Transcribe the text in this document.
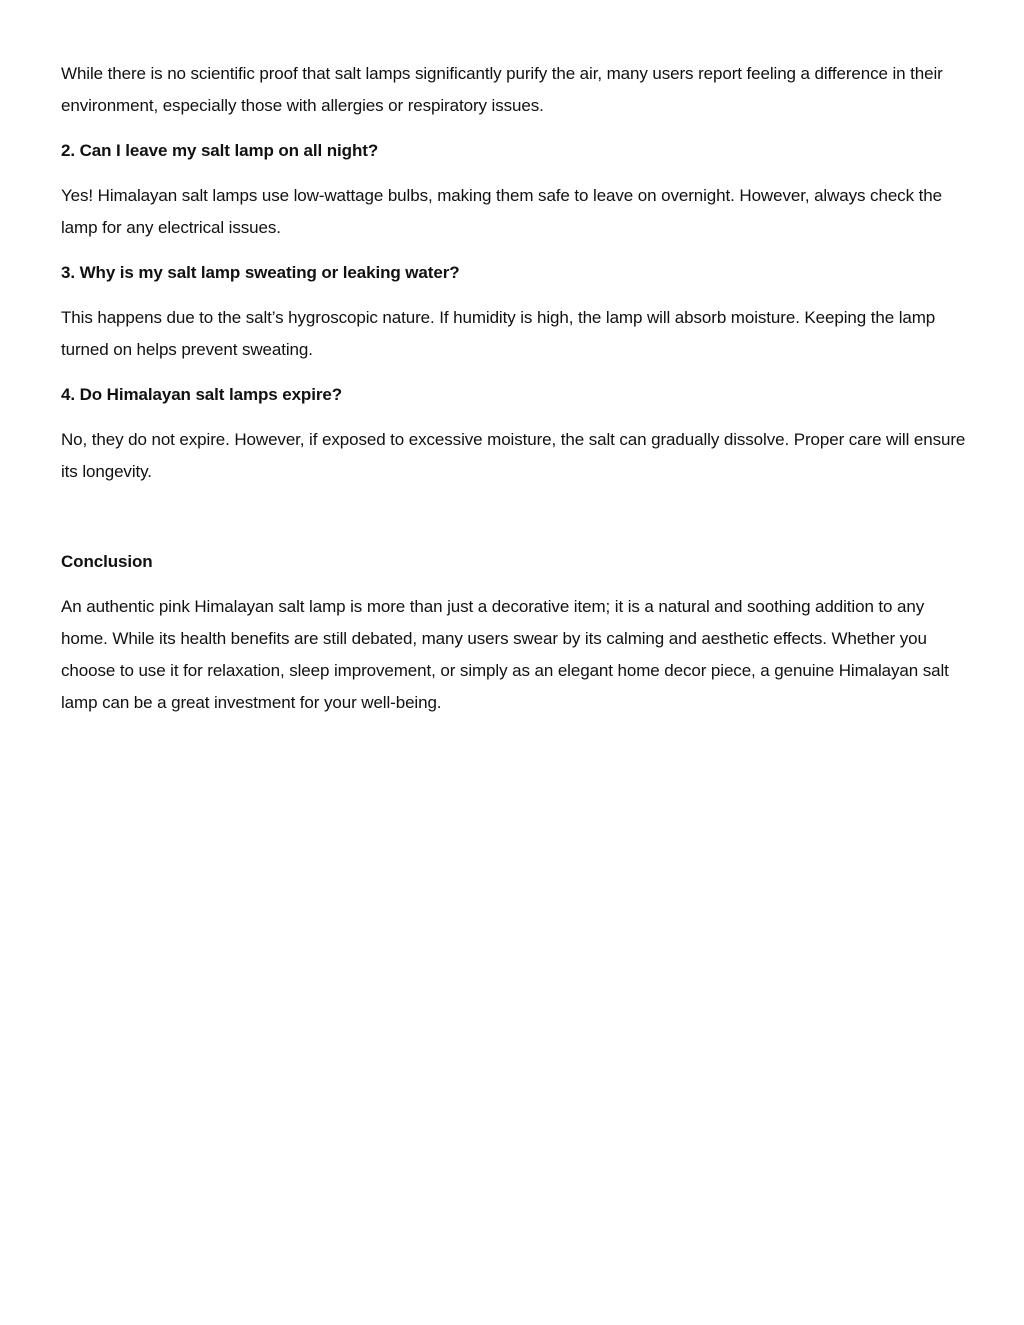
While there is no scientific proof that salt lamps significantly purify the air, many users report feeling a difference in their environment, especially those with allergies or respiratory issues.

2. Can I leave my salt lamp on all night?

Yes! Himalayan salt lamps use low-wattage bulbs, making them safe to leave on overnight. However, always check the lamp for any electrical issues.

3. Why is my salt lamp sweating or leaking water?

This happens due to the salt’s hygroscopic nature. If humidity is high, the lamp will absorb moisture. Keeping the lamp turned on helps prevent sweating.

4. Do Himalayan salt lamps expire?

No, they do not expire. However, if exposed to excessive moisture, the salt can gradually dissolve. Proper care will ensure its longevity.

Conclusion

An authentic pink Himalayan salt lamp is more than just a decorative item; it is a natural and soothing addition to any home. While its health benefits are still debated, many users swear by its calming and aesthetic effects. Whether you choose to use it for relaxation, sleep improvement, or simply as an elegant home decor piece, a genuine Himalayan salt lamp can be a great investment for your well-being.
